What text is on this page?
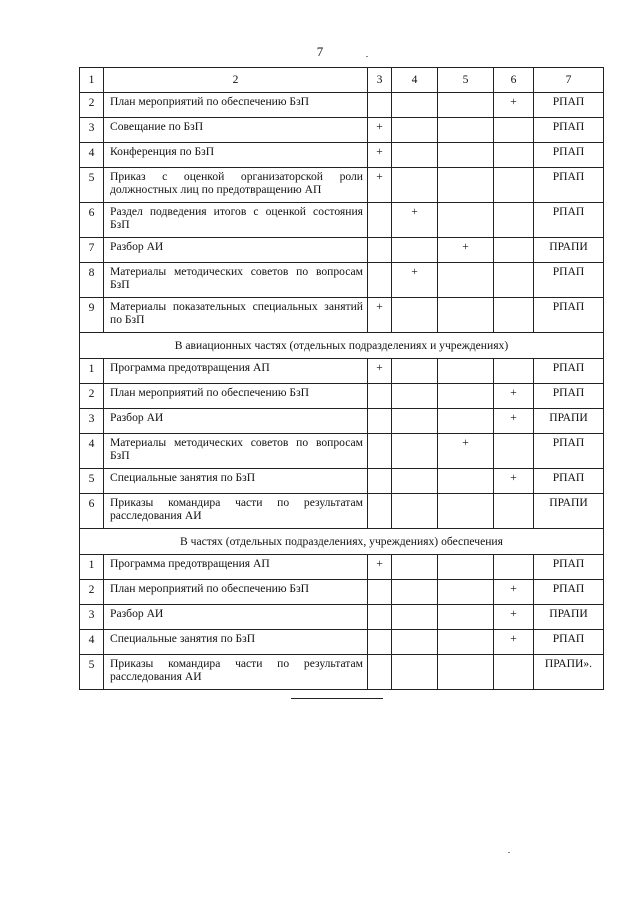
7
1	2	3	4	5	6	7
2	План мероприятий по обеспечению БзП				+	РПАП
3	Совещание по БзП	+				РПАП
4	Конференция по БзП	+				РПАП
5	Приказ с оценкой организаторской роли должностных лиц по предотвращению АП	+				РПАП
6	Раздел подведения итогов с оценкой состояния БзП		+			РПАП
7	Разбор АИ			+		ПРАПИ
8	Материалы методических советов по вопросам БзП		+			РПАП
9	Материалы показательных специальных занятий по БзП	+				РПАП
В авиационных частях (отдельных подразделениях и учреждениях)						
1	Программа предотвращения АП	+				РПАП
2	План мероприятий по обеспечению БзП				+	РПАП
3	Разбор АИ				+	ПРАПИ
4	Материалы методических советов по вопросам БзП			+		РПАП
5	Специальные занятия по БзП				+	РПАП
6	Приказы командира части по результатам расследования АИ					ПРАПИ
В частях (отдельных подразделениях, учреждениях) обеспечения						
1	Программа предотвращения АП	+				РПАП
2	План мероприятий по обеспечению БзП				+	РПАП
3	Разбор АИ				+	ПРАПИ
4	Специальные занятия по БзП				+	РПАП
5	Приказы командира части по результатам расследования АИ					ПРАПИ».
